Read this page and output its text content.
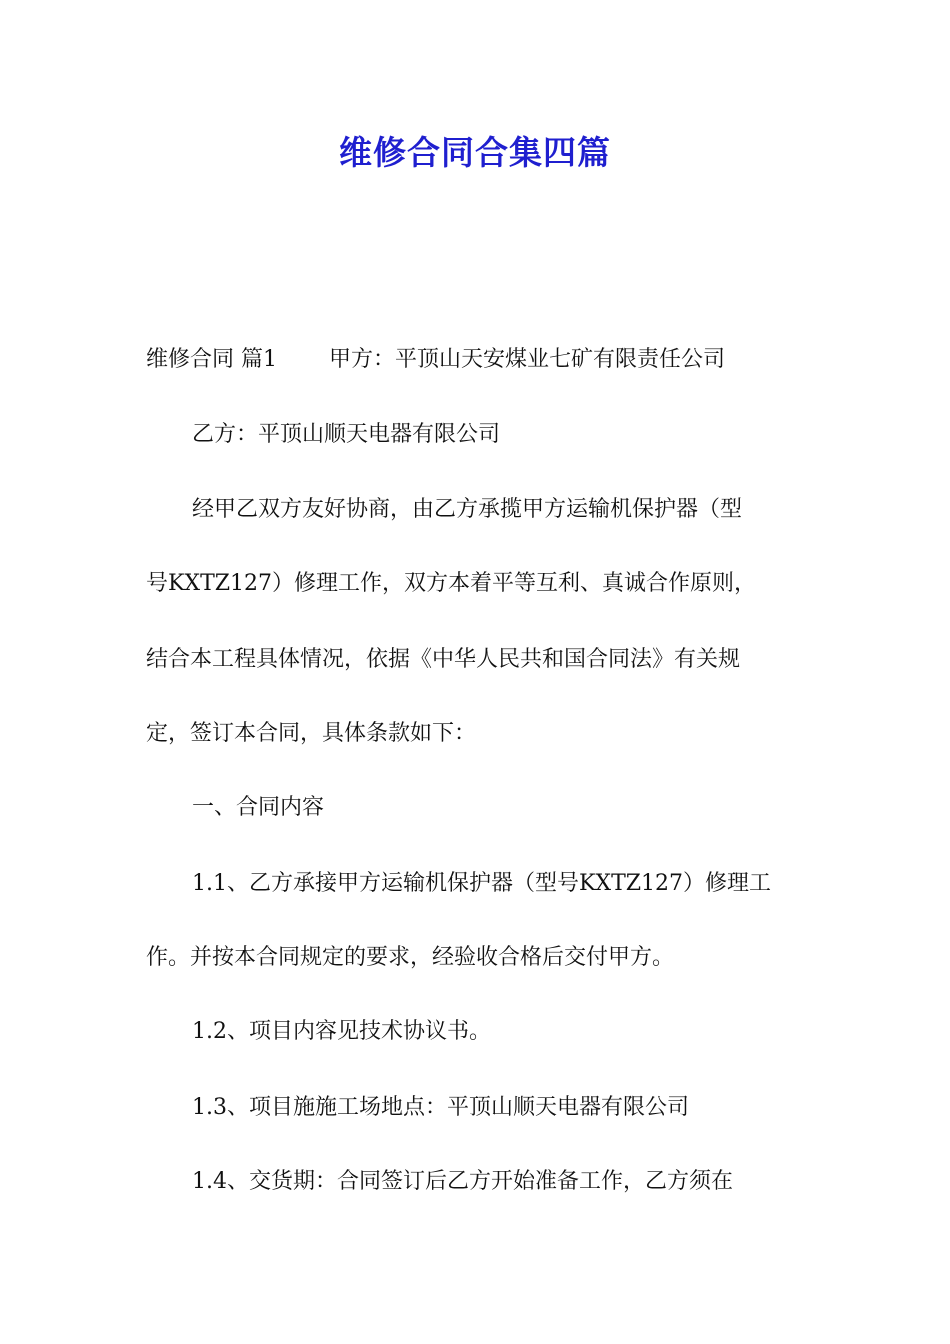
维修合同合集四篇

维修合同 篇1 甲方：平顶山天安煤业七矿有限责任公司

乙方：平顶山顺天电器有限公司

经甲乙双方友好协商，由乙方承揽甲方运输机保护器（型

号KXTZ127）修理工作，双方本着平等互利、真诚合作原则，

结合本工程具体情况，依据《中华人民共和国合同法》有关规

定，签订本合同，具体条款如下：

一、合同内容

1.1、乙方承接甲方运输机保护器（型号KXTZ127）修理工

作。并按本合同规定的要求，经验收合格后交付甲方。

1.2、项目内容见技术协议书。

1.3、项目施施工场地点：平顶山顺天电器有限公司

1.4、交货期：合同签订后乙方开始准备工作，乙方须在
